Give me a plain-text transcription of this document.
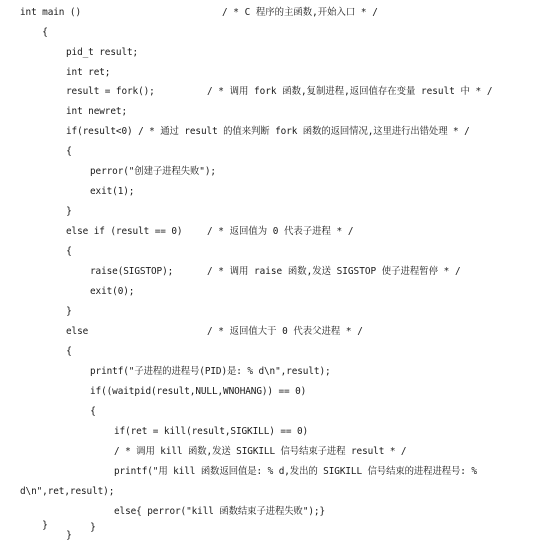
int main ()	/ * C 程序的主函数,开始入口 * /
{
pid_t result;
int ret;
result = fork();	/ * 调用 fork 函数,复制进程,返回值存在变量 result 中 * /
int newret;
if(result<0) / * 通过 result 的值来判断 fork 函数的返回情况,这里进行出错处理 * /
{
perror("创建子进程失败");
exit(1);
}
else if (result == 0)	/ * 返回值为 0 代表子进程 * /
{
raise(SIGSTOP);	/ * 调用 raise 函数,发送 SIGSTOP 使子进程暂停 * /
exit(0);
}
else	/ * 返回值大于 0 代表父进程 * /
{
printf("子进程的进程号(PID)是: % d\n",result);
if((waitpid(result,NULL,WNOHANG)) == 0)
{
if(ret = kill(result,SIGKILL) == 0)
/ * 调用 kill 函数,发送 SIGKILL 信号结束子进程 result * /
printf("用 kill 函数返回值是: % d,发出的 SIGKILL 信号结束的进程进程号: %
d\n",ret,result);
else{ perror("kill 函数结束子进程失败");}
}
}
}
